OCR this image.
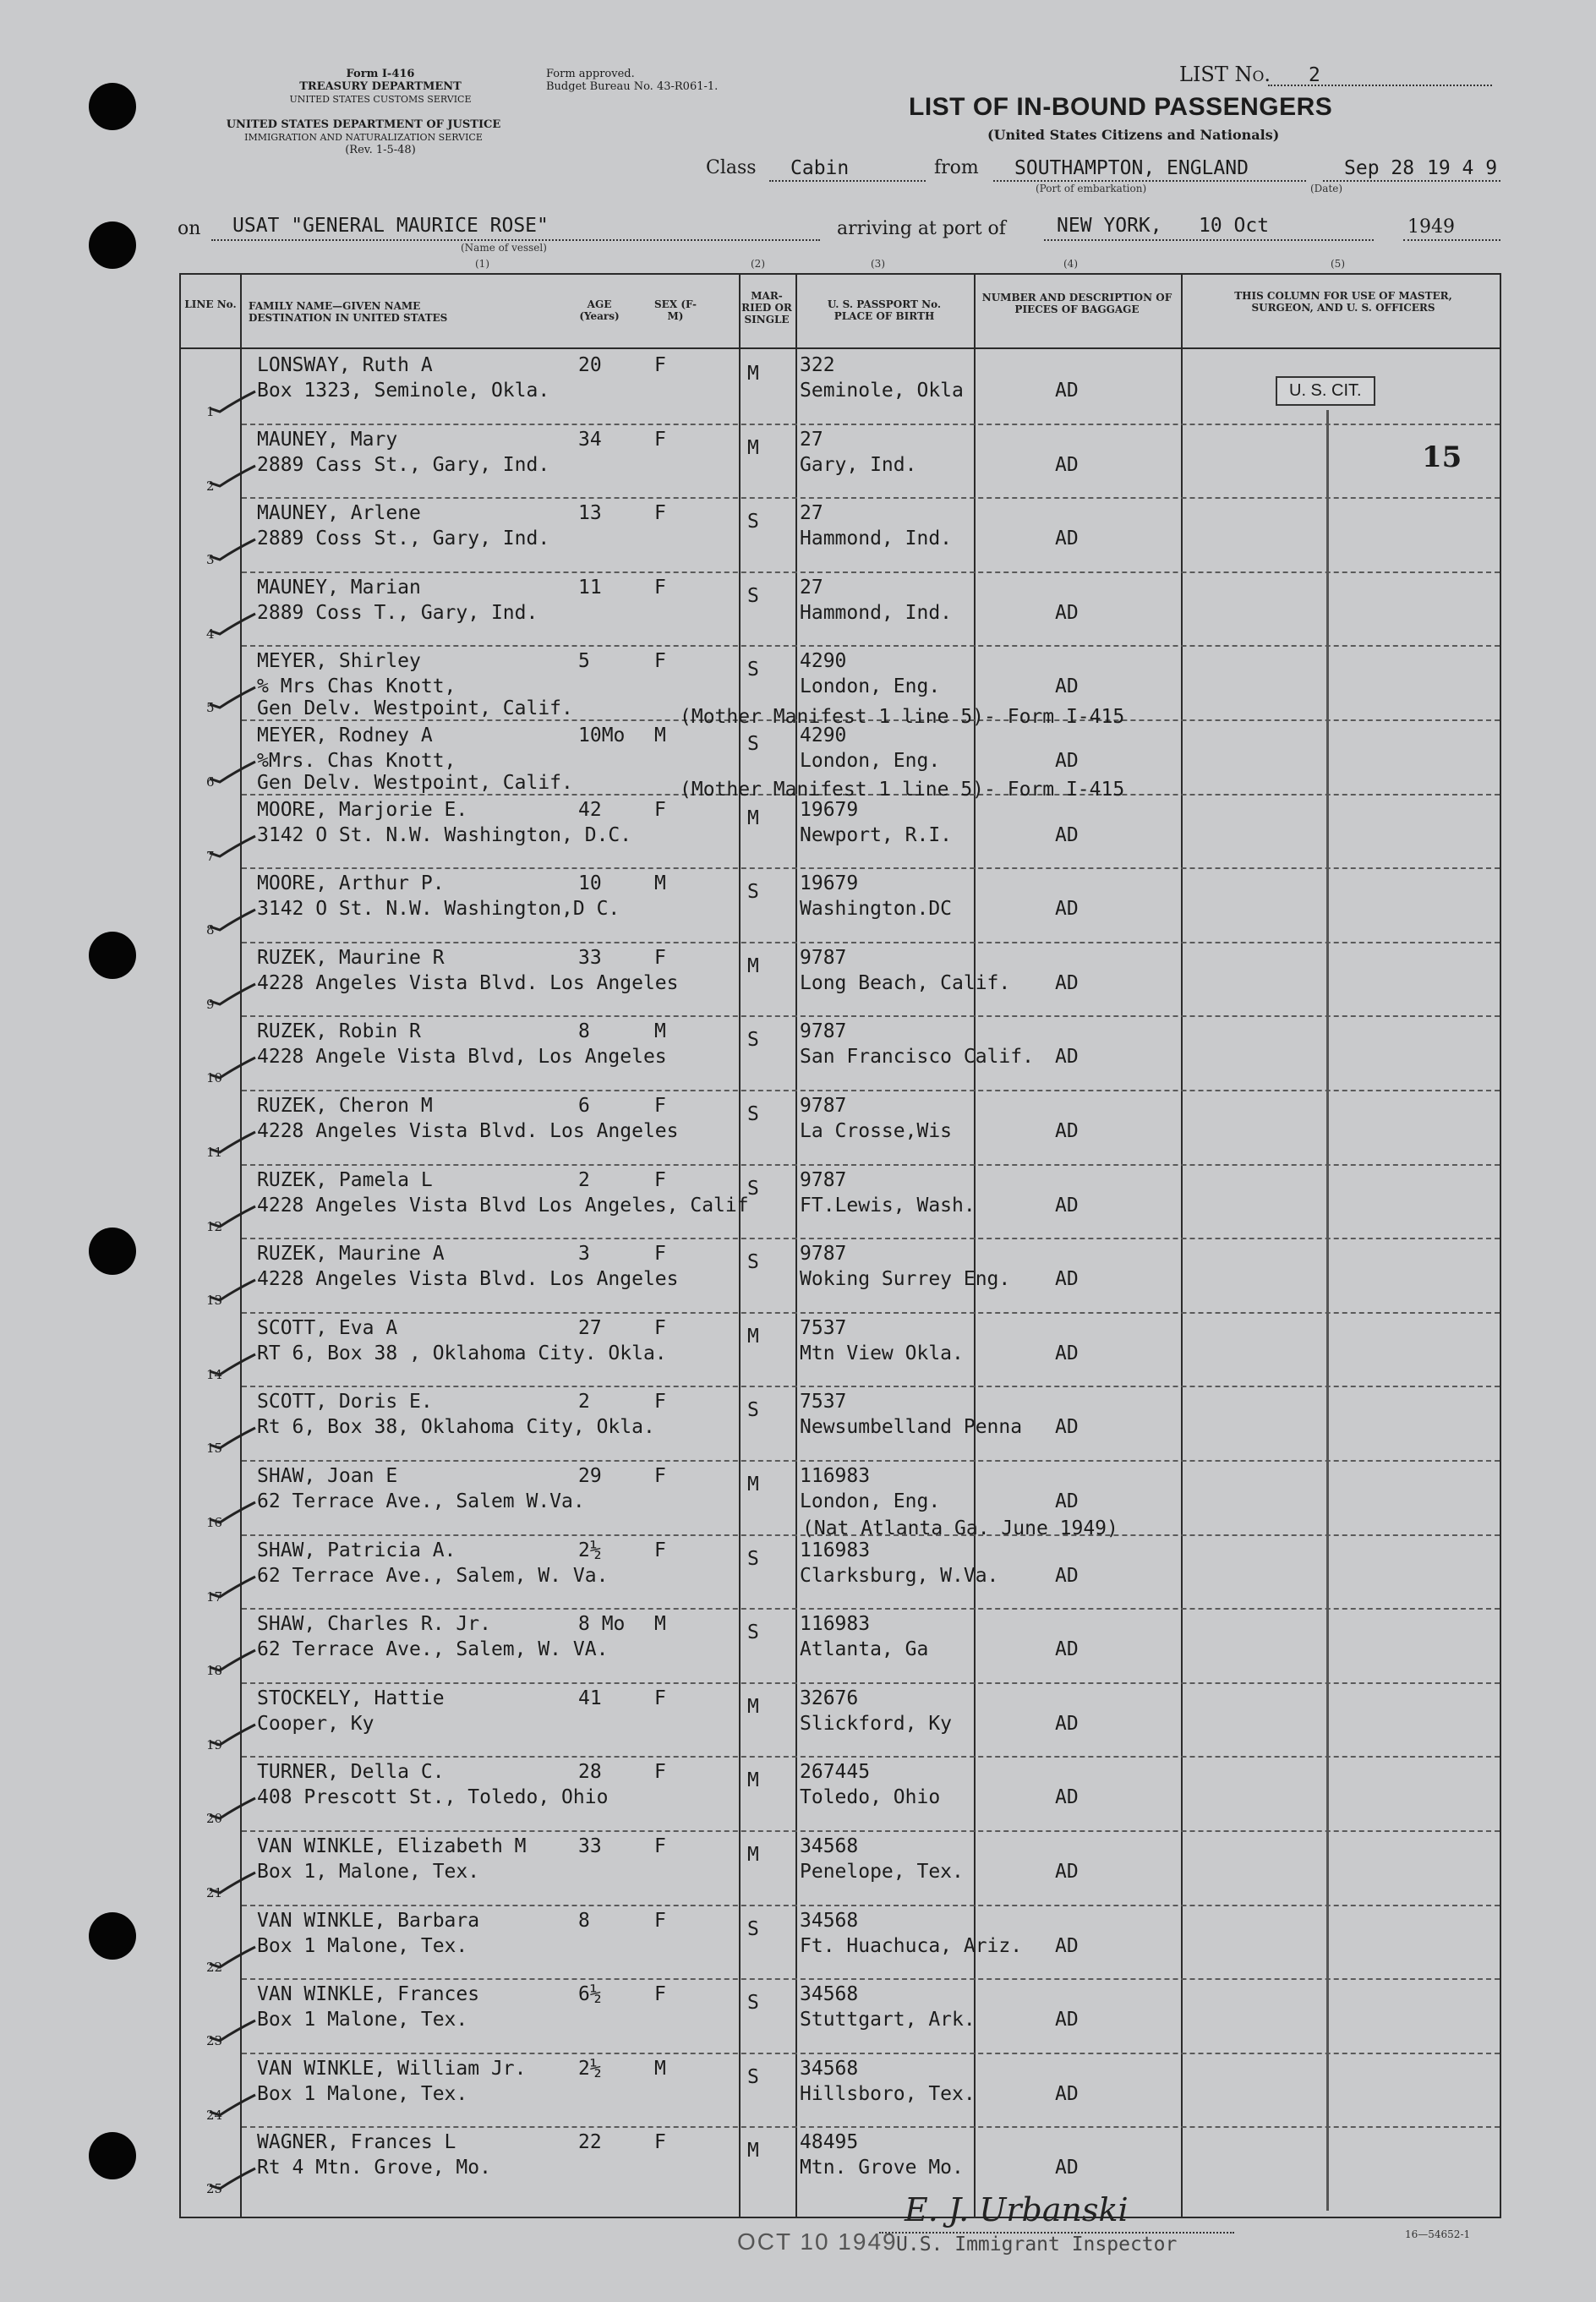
Form I-416
TREASURY DEPARTMENT
UNITED STATES CUSTOMS SERVICE
UNITED STATES DEPARTMENT OF JUSTICE
IMMIGRATION AND NATURALIZATION SERVICE
(Rev. 1-5-48)
Form approved.
Budget Bureau No. 43-R061-1.
LIST No. 2
LIST OF IN-BOUND PASSENGERS
(United States Citizens and Nationals)
Class Cabin	from SOUTHAMPTON, ENGLAND
(Port of embarkation)
Sep 28 19 4 9
(Date)
on USAT "GENERAL MAURICE ROSE"
(Name of vessel)
arriving at port of	NEW YORK, 10 Oct	1949
(1)	(2)	(3)	(4)	(5)
LINE No. FAMILY NAME—GIVEN NAME DESTINATION IN UNITED STATES
AGE (Years)
SEX (F-M)
MAR- RIED OR SINGLE
U. S. PASSPORT No. PLACE OF BIRTH
NUMBER AND DESCRIPTION OF PIECES OF BAGGAGE
THIS COLUMN FOR USE OF MASTER, SURGEON, AND U. S. OFFICERS
1
LONSWAY, Ruth A
Box 1323, Seminole, Okla.
20	F	M 322
Seminole, Okla	AD
2
MAUNEY, Mary
2889 Cass St., Gary, Ind.
34	F	M 27
Gary, Ind.	AD
3
MAUNEY, Arlene
2889 Coss St., Gary, Ind.
13	F	S 27
Hammond, Ind.	AD
4
MAUNEY, Marian
2889 Coss T., Gary, Ind.
11	F	S 27
Hammond, Ind.	AD
5
MEYER, Shirley
% Mrs Chas Knott,
Gen Delv. Westpoint, Calif.
5	F	S 4290
London, Eng.	AD
6
MEYER, Rodney A
%Mrs. Chas Knott,
Gen Delv. Westpoint, Calif.
10Mo M	S 4290
London, Eng.	AD
7
MOORE, Marjorie E.
3142 O St. N.W. Washington, D.C.
42	F	M 19679
Newport, R.I.	AD
8
MOORE, Arthur P.
3142 O St. N.W. Washington,D C.
10	M	S 19679
Washington.DC	AD
9
RUZEK, Maurine R
4228 Angeles Vista Blvd. Los Angeles
33	F	M 9787
Long Beach, Calif. AD
10
RUZEK, Robin R
4228 Angele Vista Blvd, Los Angeles
8	M	S 9787
San Francisco Calif. AD
11
RUZEK, Cheron M
4228 Angeles Vista Blvd. Los Angeles
6	F	S 9787
La Crosse,Wis	AD
12
RUZEK, Pamela L
4228 Angeles Vista Blvd Los Angeles, Calif
2	F	S 9787
FT.Lewis, Wash.	AD
13
RUZEK, Maurine A
4228 Angeles Vista Blvd. Los Angeles
3	F	S 9787
Woking Surrey Eng. AD
14
SCOTT, Eva A
RT 6, Box 38 , Oklahoma City. Okla.
27	F	M 7537
Mtn View Okla.	AD
15
SCOTT, Doris E.
Rt 6, Box 38, Oklahoma City, Okla.
2	F	S 7537
Newsumbelland Penna AD
16
SHAW, Joan E
62 Terrace Ave., Salem W.Va.
29	F	M 116983
London, Eng.	AD
17
SHAW, Patricia A.
62 Terrace Ave., Salem, W. Va.
2½	F	S 116983
Clarksburg, W.Va.	AD
18
SHAW, Charles R. Jr.
62 Terrace Ave., Salem, W. VA.
8 Mo M	S 116983
Atlanta, Ga	AD
19
STOCKELY, Hattie
Cooper, Ky
41	F	M 32676
Slickford, Ky	AD
20
TURNER, Della C.
408 Prescott St., Toledo, Ohio
28	F	M 267445
Toledo, Ohio	AD
21
VAN WINKLE, Elizabeth M
Box 1, Malone, Tex.
33	F	M 34568
Penelope, Tex.	AD
22
VAN WINKLE, Barbara
Box 1 Malone, Tex.
8	F	S 34568
Ft. Huachuca, Ariz. AD
23
VAN WINKLE, Frances
Box 1 Malone, Tex.
6½	F	S 34568
Stuttgart, Ark.	AD
24
VAN WINKLE, William Jr.
Box 1 Malone, Tex.
2½	M	S 34568
Hillsboro, Tex.	AD
25
WAGNER, Frances L
Rt 4 Mtn. Grove, Mo.
22	F	M 48495
Mtn. Grove Mo.	AD
U. S. CIT.
15
(Mother Manifest 1 line 5)- Form I-415
(Mother Manifest 1 line 5)- Form I-415
(Nat Atlanta Ga. June 1949)
OCT 10 1949
U.S. Immigrant Inspector
E. J. Urbanski
16—54652-1
